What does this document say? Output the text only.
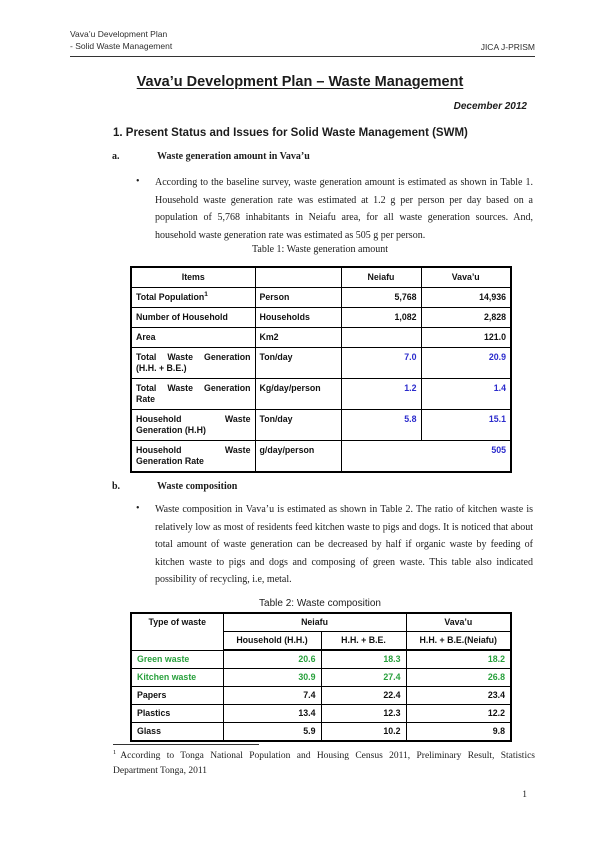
Vava’u Development Plan
- Solid Waste Management	JICA J-PRISM
Vava’u Development Plan – Waste Management
December 2012
1. Present Status and Issues for Solid Waste Management (SWM)
a.	Waste generation amount in Vava’u
• According to the baseline survey, waste generation amount is estimated as shown in Table 1. Household waste generation rate was estimated at 1.2 g per person per day based on a population of 5,768 inhabitants in Neiafu area, for all waste generation sources. And, household waste generation rate was estimated as 505 g per person.
Table 1: Waste generation amount
Items		Neiafu	Vava’u
Total Population$^1$	Person	5,768	14,936
Number of Household	Households	1,082	2,828
Area	Km2		121.0
Total Waste Generation (H.H. + B.E.)	Ton/day	7.0	20.9
Total Waste Generation Rate	Kg/day/person	1.2	1.4
Household Waste Generation (H.H)	Ton/day	5.8	15.1
Household Waste Generation Rate	g/day/person	505	
b.	Waste composition
• Waste composition in Vava’u is estimated as shown in Table 2. The ratio of kitchen waste is relatively low as most of residents feed kitchen waste to pigs and dogs. It is noticed that about total amount of waste generation can be decreased by half if organic waste by feeding of kitchen waste to pigs and dogs and composing of green waste. This table also indicated possibility of recycling, i.e, metal.
Table 2: Waste composition
Type of waste	Neiafu		Vava’u
	Household (H.H.)	H.H. + B.E.	H.H. + B.E.(Neiafu)
Green waste	20.6	18.3	18.2
Kitchen waste	30.9	27.4	26.8
Papers	7.4	22.4	23.4
Plastics	13.4	12.3	12.2
Glass	5.9	10.2	9.8
$^1$ According to Tonga National Population and Housing Census 2011, Preliminary Result, Statistics Department Tonga, 2011
1
